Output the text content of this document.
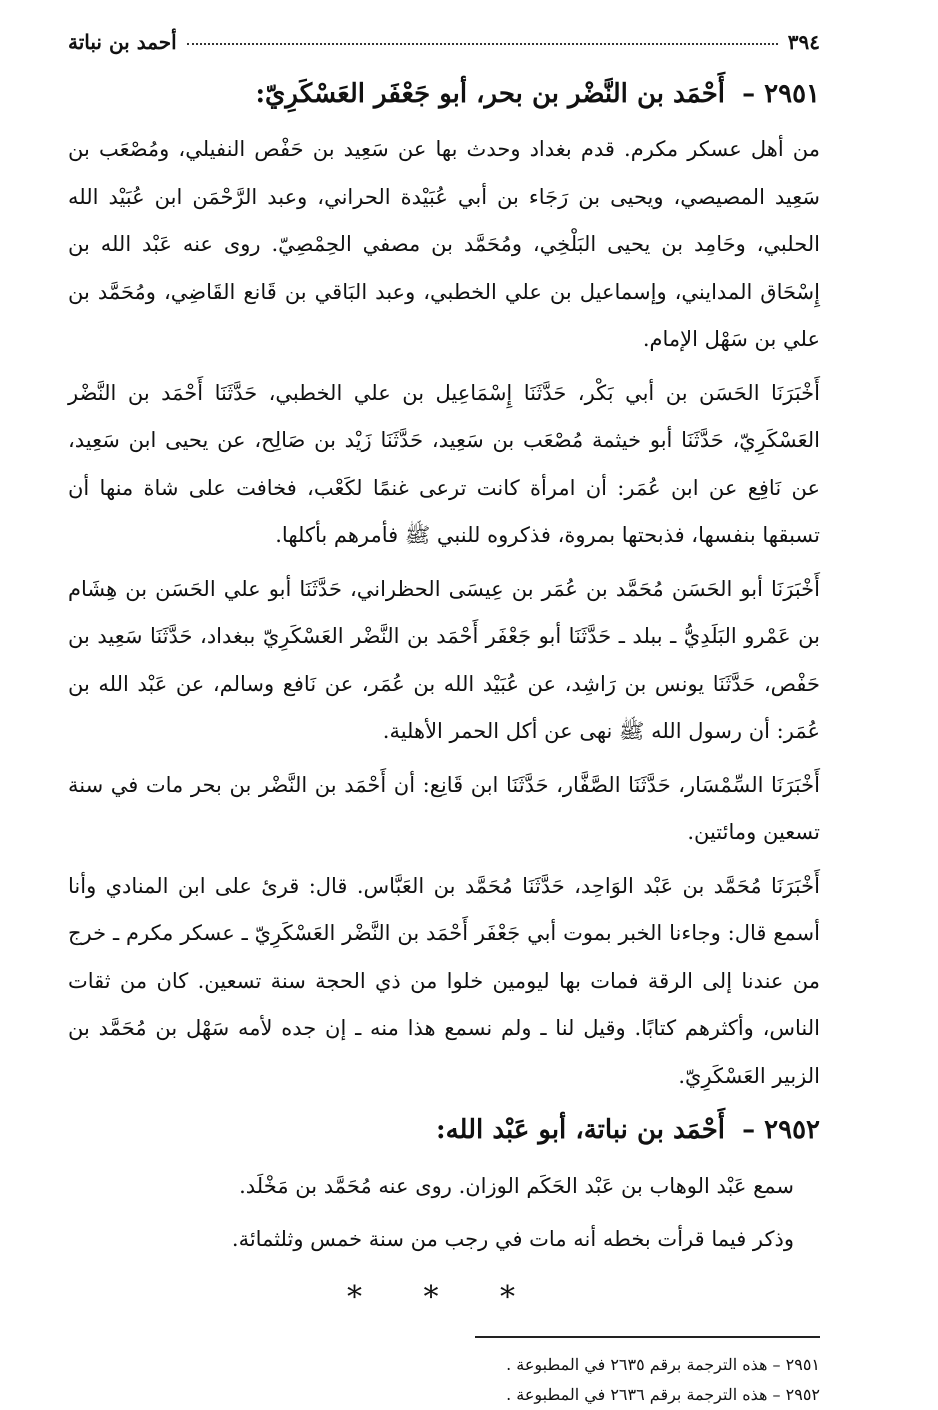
٣٩٤
أحمد بن نباتة
٢٩٥١ – أَحْمَد بن النَّضْر بن بحر، أبو جَعْفَر العَسْكَرِيّ:

من أهل عسكر مكرم. قدم بغداد وحدث بها عن سَعِيد بن حَفْص النفيلي، ومُصْعَب بن سَعِيد المصيصي، ويحيى بن رَجَاء بن أبي عُبَيْدة الحراني، وعبد الرَّحْمَن ابن عُبَيْد الله الحلبي، وحَامِد بن يحيى البَلْخِي، ومُحَمَّد بن مصفي الحِمْصِيّ. روى عنه عَبْد الله بن إِسْحَاق المدايني، وإسماعيل بن علي الخطبي، وعبد البَاقي بن قَانع القَاضِي، ومُحَمَّد بن علي بن سَهْل الإمام.

أَخْبَرَنَا الحَسَن بن أبي بَكْر، حَدَّثَنَا إِسْمَاعِيل بن علي الخطبي، حَدَّثَنَا أَحْمَد بن النَّضْر العَسْكَرِيّ، حَدَّثَنَا أبو خيثمة مُصْعَب بن سَعِيد، حَدَّثَنَا زَيْد بن صَالِح، عن يحيى ابن سَعِيد، عن نَافِع عن ابن عُمَر: أن امرأة كانت ترعى غنمًا لكَعْب، فخافت على شاة منها أن تسبقها بنفسها، فذبحتها بمروة، فذكروه للنبي ﷺ فأمرهم بأكلها.

أَخْبَرَنَا أبو الحَسَن مُحَمَّد بن عُمَر بن عِيسَى الحظراني، حَدَّثَنَا أبو علي الحَسَن بن هِشَام بن عَمْرو البَلَدِيُّ ـ ببلد ـ حَدَّثَنَا أبو جَعْفَر أَحْمَد بن النَّضْر العَسْكَرِيّ ببغداد، حَدَّثَنَا سَعِيد بن حَفْص، حَدَّثَنَا يونس بن رَاشِد، عن عُبَيْد الله بن عُمَر، عن نَافع وسالم، عن عَبْد الله بن عُمَر: أن رسول الله ﷺ نهى عن أكل الحمر الأهلية.

أَخْبَرَنَا السِّمْسَار، حَدَّثَنَا الصَّفَّار، حَدَّثَنَا ابن قَانِع: أن أَحْمَد بن النَّضْر بن بحر مات في سنة تسعين ومائتين.

أَخْبَرَنَا مُحَمَّد بن عَبْد الوَاحِد، حَدَّثَنَا مُحَمَّد بن العَبَّاس. قال: قرئ على ابن المنادي وأنا أسمع قال: وجاءنا الخبر بموت أبي جَعْفَر أَحْمَد بن النَّضْر العَسْكَرِيّ ـ عسكر مكرم ـ خرج من عندنا إلى الرقة فمات بها ليومين خلوا من ذي الحجة سنة تسعين. كان من ثقات الناس، وأكثرهم كتابًا. وقيل لنا ـ ولم نسمع هذا منه ـ إن جده لأمه سَهْل بن مُحَمَّد بن الزبير العَسْكَرِيّ.

٢٩٥٢ – أَحْمَد بن نباتة، أبو عَبْد الله:

سمع عَبْد الوهاب بن عَبْد الحَكَم الوزان. روى عنه مُحَمَّد بن مَخْلَد.

وذكر فيما قرأت بخطه أنه مات في رجب من سنة خمس وثلثمائة.

* * *

٢٩٥١ – هذه الترجمة برقم ٢٦٣٥ في المطبوعة .

٢٩٥٢ – هذه الترجمة برقم ٢٦٣٦ في المطبوعة .
